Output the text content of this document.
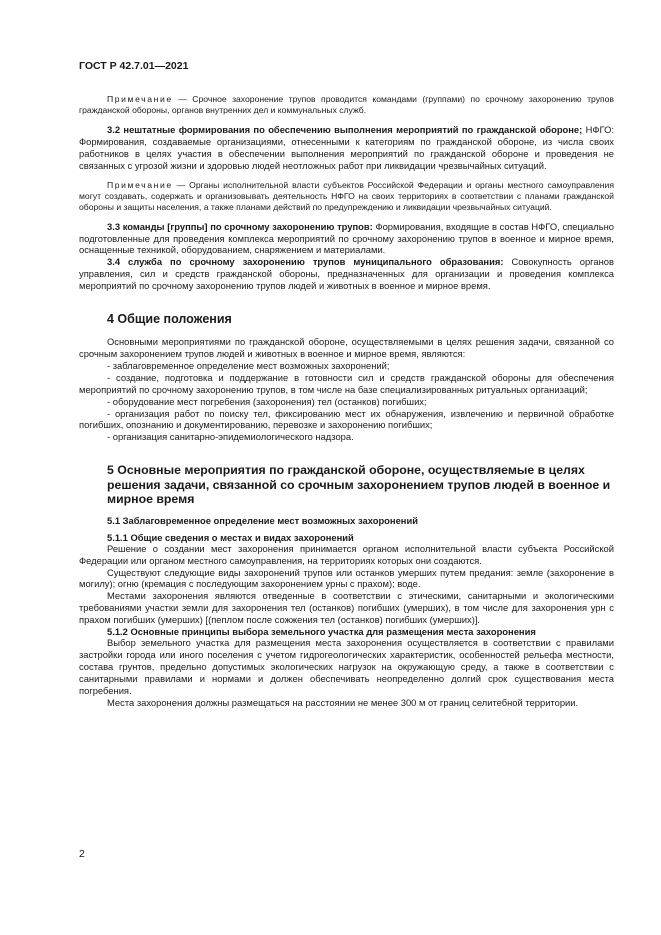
ГОСТ Р 42.7.01—2021

Примечание — Срочное захоронение трупов проводится командами (группами) по срочному захоронению трупов гражданской обороны, органов внутренних дел и коммунальных служб.

3.2 нештатные формирования по обеспечению выполнения мероприятий по гражданской обороне; НФГО: Формирования, создаваемые организациями, отнесенными к категориям по гражданской обороне, из числа своих работников в целях участия в обеспечении выполнения мероприятий по гражданской обороне и проведения не связанных с угрозой жизни и здоровью людей неотложных работ при ликвидации чрезвычайных ситуаций.

Примечание — Органы исполнительной власти субъектов Российской Федерации и органы местного самоуправления могут создавать, содержать и организовывать деятельность НФГО на своих территориях в соответствии с планами гражданской обороны и защиты населения, а также планами действий по предупреждению и ликвидации чрезвычайных ситуаций.

3.3 команды [группы] по срочному захоронению трупов: Формирования, входящие в состав НФГО, специально подготовленные для проведения комплекса мероприятий по срочному захоронению трупов в военное и мирное время, оснащенные техникой, оборудованием, снаряжением и материалами.

3.4 служба по срочному захоронению трупов муниципального образования: Совокупность органов управления, сил и средств гражданской обороны, предназначенных для организации и проведения комплекса мероприятий по срочному захоронению трупов людей и животных в военное и мирное время.

4 Общие положения

Основными мероприятиями по гражданской обороне, осуществляемыми в целях решения задачи, связанной со срочным захоронением трупов людей и животных в военное и мирное время, являются:

- заблаговременное определение мест возможных захоронений;

- создание, подготовка и поддержание в готовности сил и средств гражданской обороны для обеспечения мероприятий по срочному захоронению трупов, в том числе на базе специализированных ритуальных организаций;

- оборудование мест погребения (захоронения) тел (останков) погибших;

- организация работ по поиску тел, фиксированию мест их обнаружения, извлечению и первичной обработке погибших, опознанию и документированию, перевозке и захоронению погибших;

- организация санитарно-эпидемиологического надзора.

5 Основные мероприятия по гражданской обороне, осуществляемые в целях решения задачи, связанной со срочным захоронением трупов людей в военное и мирное время
5.1 Заблаговременное определение мест возможных захоронений
5.1.1 Общие сведения о местах и видах захоронений

Решение о создании мест захоронения принимается органом исполнительной власти субъекта Российской Федерации или органом местного самоуправления, на территориях которых они создаются.

Существуют следующие виды захоронений трупов или останков умерших путем предания: земле (захоронение в могилу); огню (кремация с последующим захоронением урны с прахом); воде.

Местами захоронения являются отведенные в соответствии с этическими, санитарными и экологическими требованиями участки земли для захоронения тел (останков) погибших (умерших), в том числе для захоронения урн с прахом погибших (умерших) [(пеплом после сожжения тел (останков) погибших (умерших)].

5.1.2 Основные принципы выбора земельного участка для размещения места захоронения

Выбор земельного участка для размещения места захоронения осуществляется в соответствии с правилами застройки города или иного поселения с учетом гидрогеологических характеристик, особенностей рельефа местности, состава грунтов, предельно допустимых экологических нагрузок на окружающую среду, а также в соответствии с санитарными правилами и нормами и должен обеспечивать неопределенно долгий срок существования места погребения.

Места захоронения должны размещаться на расстоянии не менее 300 м от границ селитебной территории.

2
